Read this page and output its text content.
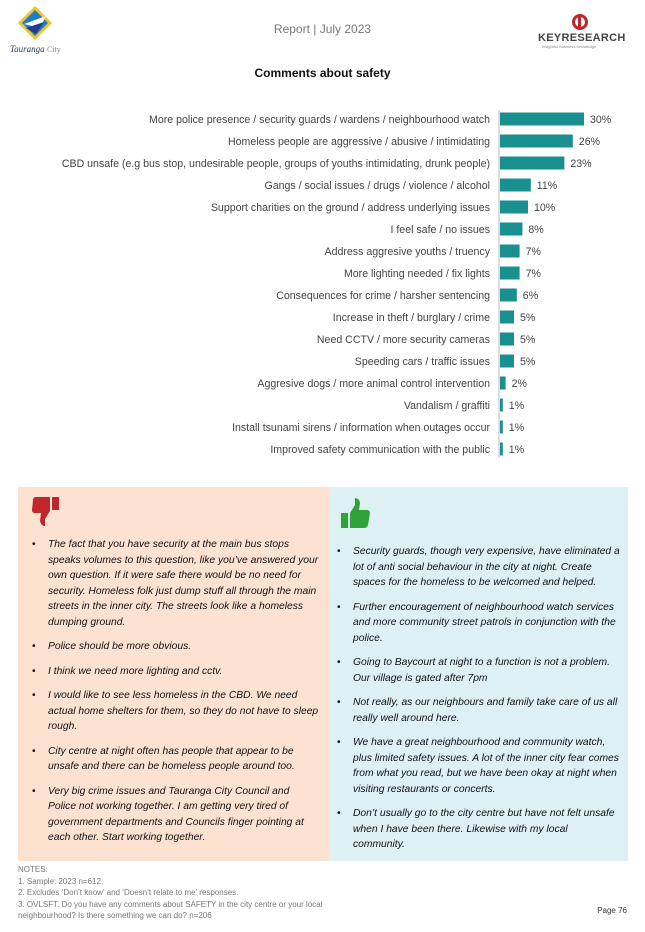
Tauranga City
Report | July 2023
KEYRESEARCH
Insightful Business Knowledge
Comments about safety
More police presence / security guards / wardens / neighbourhood watch	30%
Homeless people are aggressive / abusive / intimidating	26%
CBD unsafe (e.g bus stop, undesirable people, groups of youths intimidating, drunk people)	23%
Gangs / social issues / drugs / violence / alcohol	11%
Support charities on the ground / address underlying issues	10%
I feel safe / no issues	8%
Address aggresive youths / truency	7%
More lighting needed / fix lights	7%
Consequences for crime / harsher sentencing	6%
Increase in theft / burglary / crime	5%
Need CCTV / more security cameras	5%
Speeding cars / traffic issues	5%
Aggresive dogs / more animal control intervention 2%
Vandalism / graffiti 1%
Install tsunami sirens / information when outages occur 1%
Improved safety communication with the public 1%
• The fact that you have security at the main bus stops speaks volumes to this question, like you’ve answered your own question. If it were safe there would be no need for security. Homeless folk just dump stuff all through the main streets in the inner city. The streets look like a homeless dumping ground.
• Police should be more obvious.
• I think we need more lighting and cctv.
• I would like to see less homeless in the CBD. We need actual home shelters for them, so they do not have to sleep rough.
• City centre at night often has people that appear to be unsafe and there can be homeless people around too.
• Very big crime issues and Tauranga City Council and Police not working together. I am getting very tired of government departments and Councils finger pointing at each other. Start working together.
• Security guards, though very expensive, have eliminated a lot of anti social behaviour in the city at night. Create spaces for the homeless to be welcomed and helped.
• Further encouragement of neighbourhood watch services and more community street patrols in conjunction with the police.
• Going to Baycourt at night to a function is not a problem. Our village is gated after 7pm
• Not really, as our neighbours and family take care of us all really well around here.
• We have a great neighbourhood and community watch, plus limited safety issues. A lot of the inner city fear comes from what you read, but we have been okay at night when visiting restaurants or concerts.
• Don’t usually go to the city centre but have not felt unsafe when I have been there. Likewise with my local community.
NOTES:
1. Sample: 2023 n=612.
2. Excludes ‘Don’t know’ and ‘Doesn’t relate to me’ responses.
3. OVLSFT. Do you have any comments about SAFETY in the city centre or your local
neighbourhood? Is there something we can do? n=206
Page 76
